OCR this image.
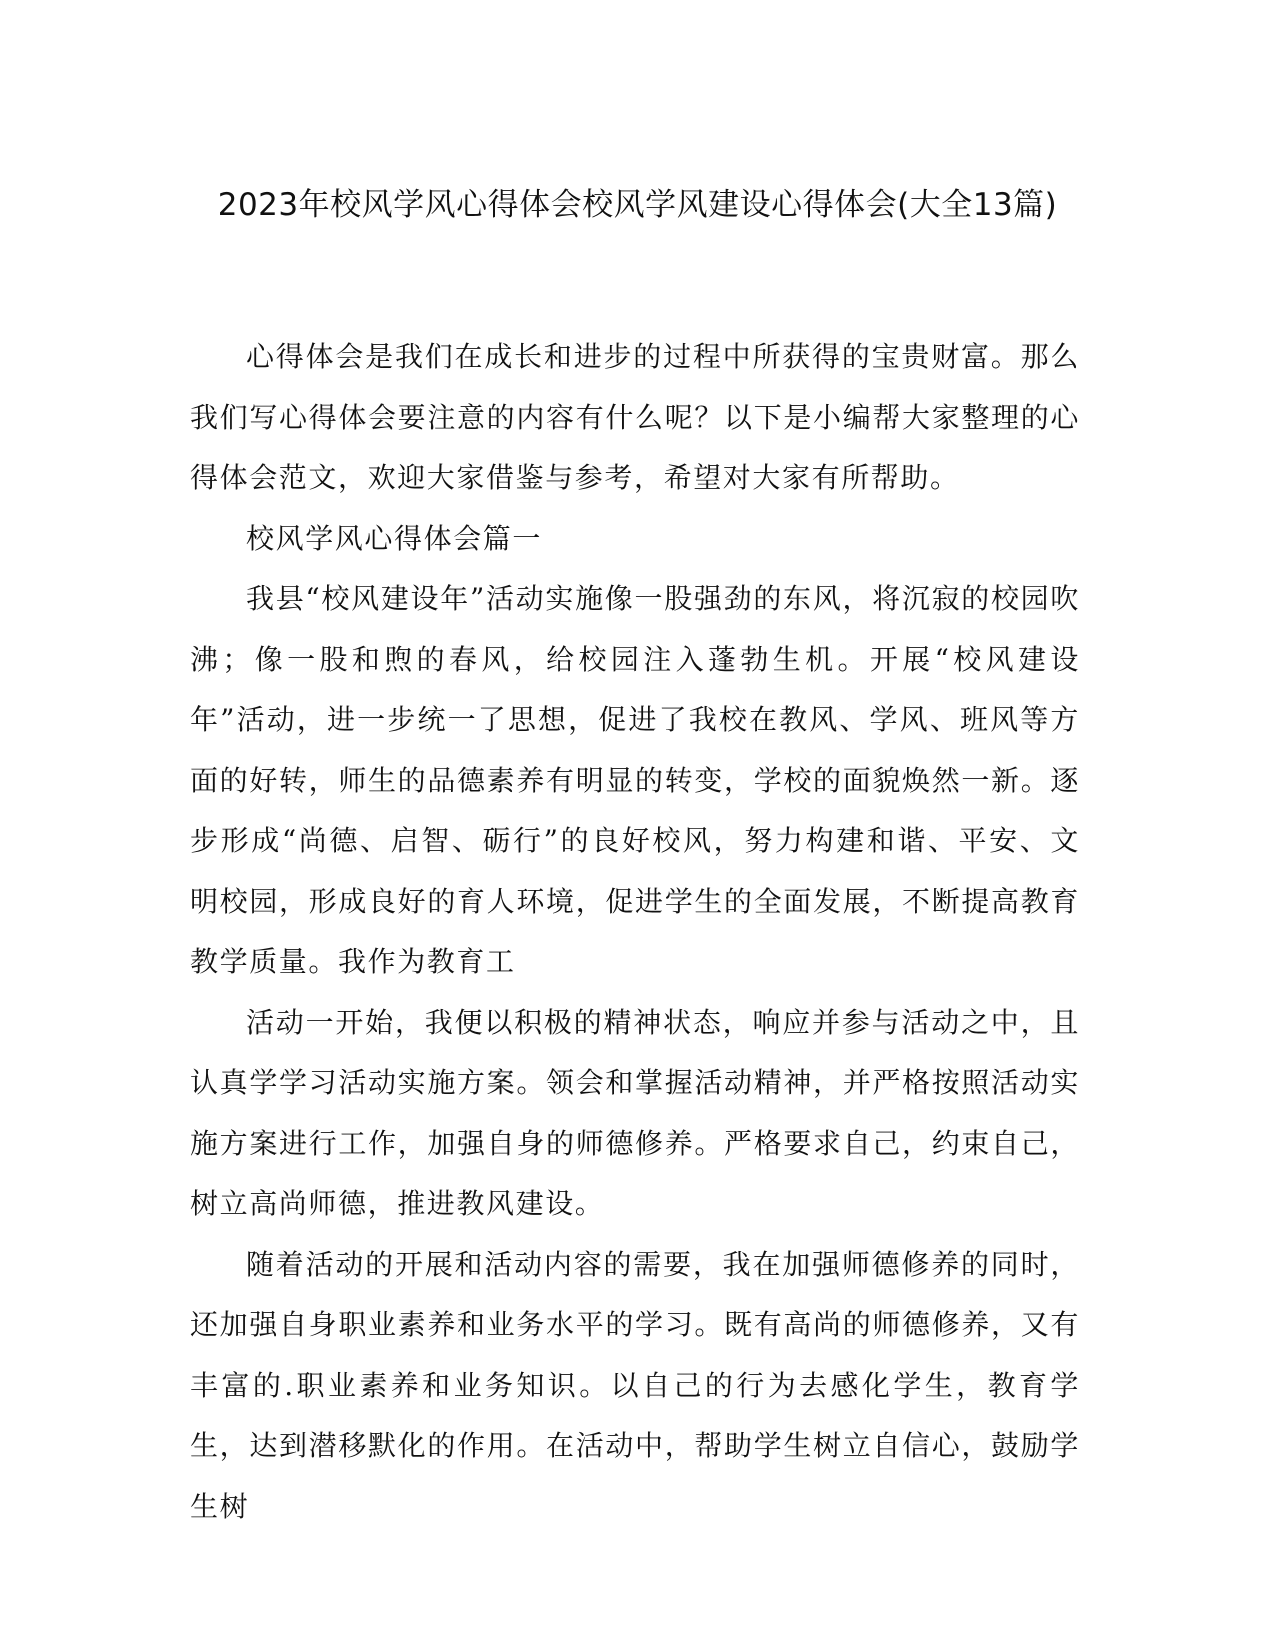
2023年校风学风心得体会校风学风建设心得体会(大全13篇)

心得体会是我们在成长和进步的过程中所获得的宝贵财富。那么我们写心得体会要注意的内容有什么呢？以下是小编帮大家整理的心得体会范文，欢迎大家借鉴与参考，希望对大家有所帮助。

校风学风心得体会篇一

我县“校风建设年”活动实施像一股强劲的东风，将沉寂的校园吹沸；像一股和煦的春风，给校园注入蓬勃生机。开展“校风建设年”活动，进一步统一了思想，促进了我校在教风、学风、班风等方面的好转，师生的品德素养有明显的转变，学校的面貌焕然一新。逐步形成“尚德、启智、砺行”的良好校风，努力构建和谐、平安、文明校园，形成良好的育人环境，促进学生的全面发展，不断提高教育教学质量。我作为教育工

活动一开始，我便以积极的精神状态，响应并参与活动之中，且认真学学习活动实施方案。领会和掌握活动精神，并严格按照活动实施方案进行工作，加强自身的师德修养。严格要求自己，约束自己，树立高尚师德，推进教风建设。

随着活动的开展和活动内容的需要，我在加强师德修养的同时，还加强自身职业素养和业务水平的学习。既有高尚的师德修养，又有丰富的.职业素养和业务知识。以自己的行为去感化学生，教育学生，达到潜移默化的作用。在活动中，帮助学生树立自信心，鼓励学生树
